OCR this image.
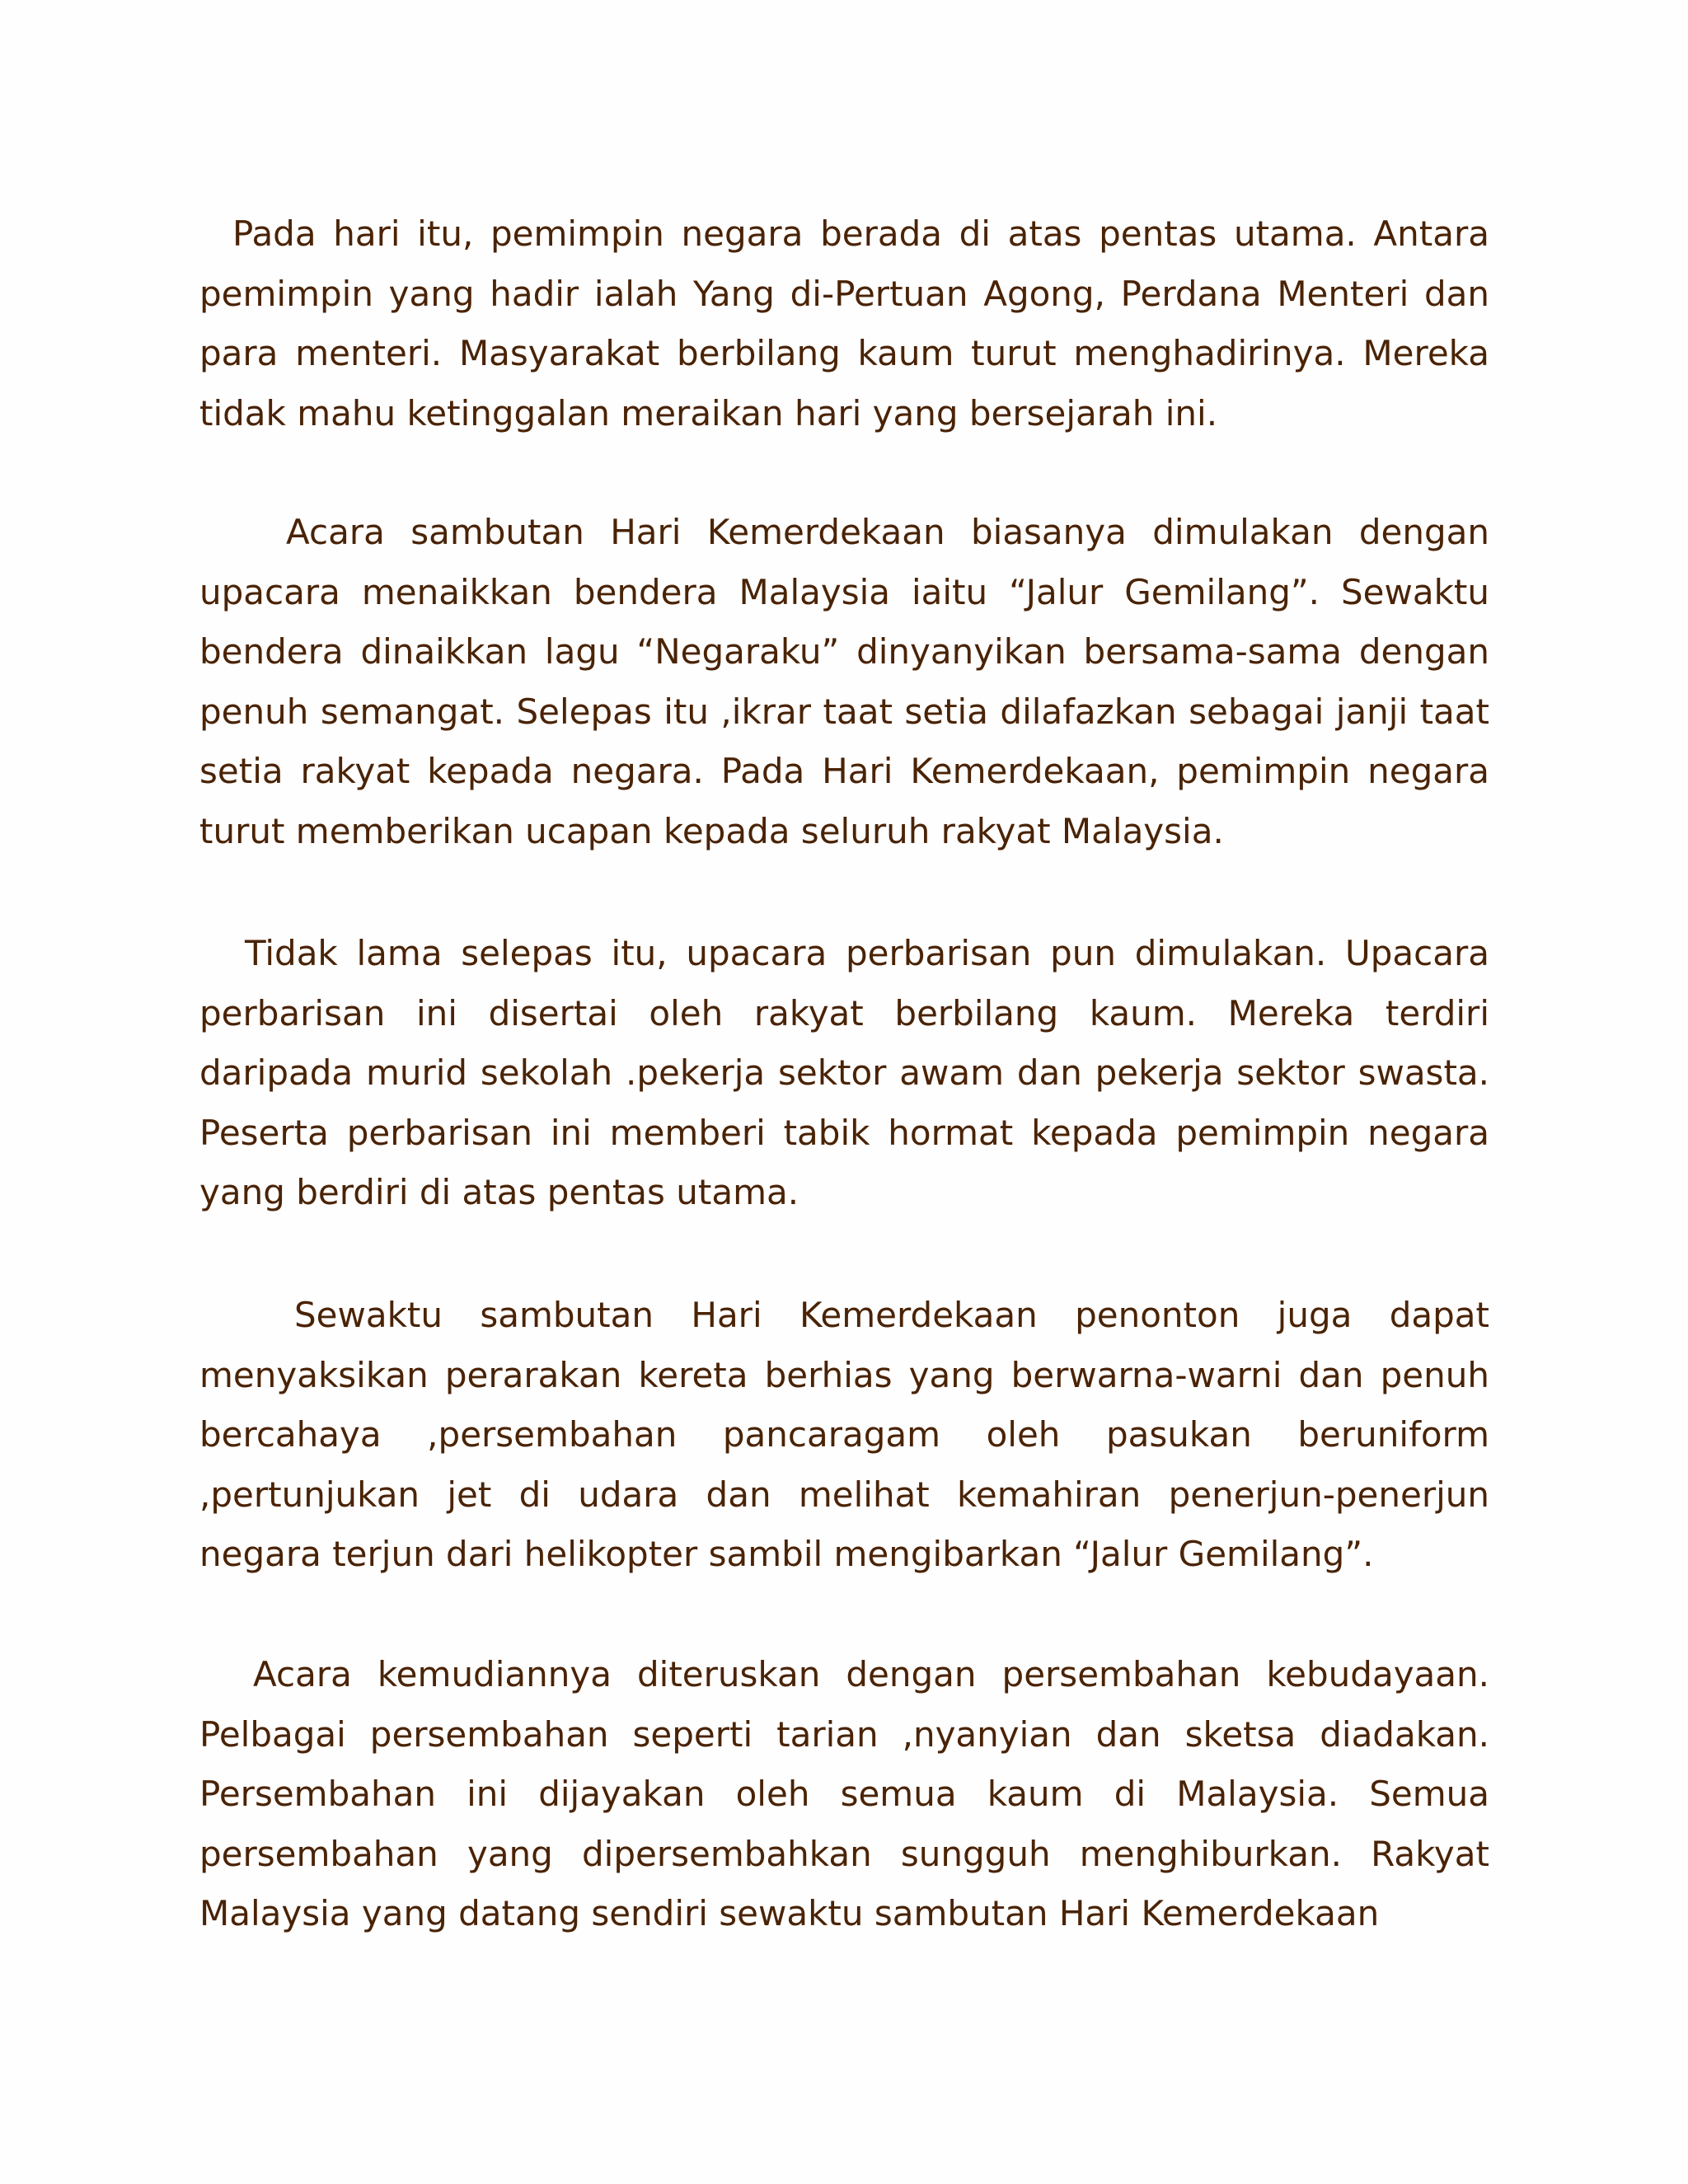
Pada hari itu, pemimpin negara berada di atas pentas utama. Antara pemimpin yang hadir ialah Yang di-Pertuan Agong, Perdana Menteri dan para menteri. Masyarakat berbilang kaum turut menghadirinya. Mereka tidak mahu ketinggalan meraikan hari yang bersejarah ini.

Acara sambutan Hari Kemerdekaan biasanya dimulakan dengan upacara menaikkan bendera Malaysia iaitu “Jalur Gemilang”. Sewaktu bendera dinaikkan lagu “Negaraku” dinyanyikan bersama-sama dengan penuh semangat. Selepas itu ,ikrar taat setia dilafazkan sebagai janji taat setia rakyat kepada negara. Pada Hari Kemerdekaan, pemimpin negara turut memberikan ucapan kepada seluruh rakyat Malaysia.

Tidak lama selepas itu, upacara perbarisan pun dimulakan. Upacara perbarisan ini disertai oleh rakyat berbilang kaum. Mereka terdiri daripada murid sekolah .pekerja sektor awam dan pekerja sektor swasta. Peserta perbarisan ini memberi tabik hormat kepada pemimpin negara yang berdiri di atas pentas utama.

Sewaktu sambutan Hari Kemerdekaan penonton juga dapat menyaksikan perarakan kereta berhias yang berwarna-warni dan penuh bercahaya ,persembahan pancaragam oleh pasukan beruniform ,pertunjukan jet di udara dan melihat kemahiran penerjun-penerjun negara terjun dari helikopter sambil mengibarkan “Jalur Gemilang”.

Acara kemudiannya diteruskan dengan persembahan kebudayaan. Pelbagai persembahan seperti tarian ,nyanyian dan sketsa diadakan. Persembahan ini dijayakan oleh semua kaum di Malaysia. Semua persembahan yang dipersembahkan sungguh menghiburkan. Rakyat Malaysia yang datang sendiri sewaktu sambutan Hari Kemerdekaan
